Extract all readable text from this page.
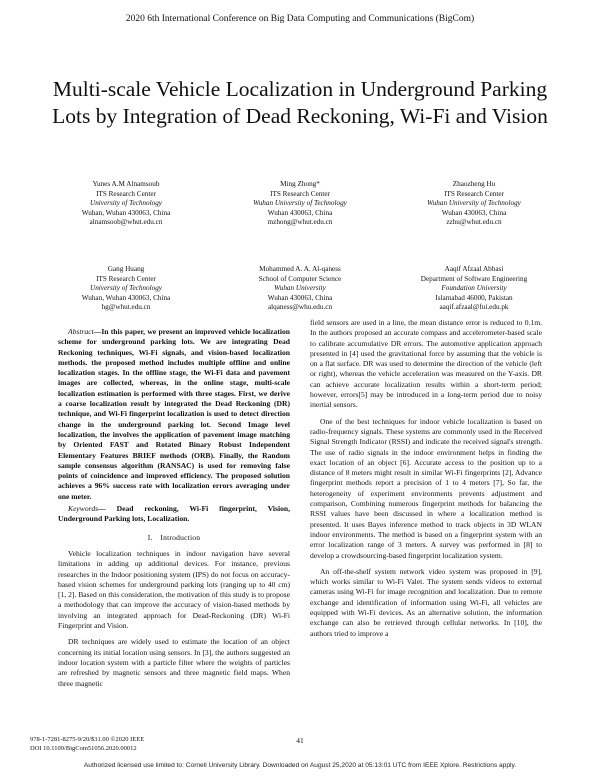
2020 6th International Conference on Big Data Computing and Communications (BigCom)
Multi-scale Vehicle Localization in Underground Parking Lots by Integration of Dead Reckoning, Wi-Fi and Vision
Yunes A.M Alnamsoub
ITS Research Center
University of Technology
Wuhan, Wuhan 430063, China
alnamsoob@whut.edu.cn
Ming Zhong*
ITS Research Center
Wuhan University of Technology
Wuhan 430063, China
mzhong@whut.edu.cn
Zhaozheng Hu
ITS Research Center
Wuhan University of Technology
Wuhan 430063, China
zzhu@whut.edu.cn
Gang Huang
ITS Research Center
University of Technology
Wuhan, Wuhan 430063, China
hg@whut.edu.cn
Mohammed A. A. Al-qaness
School of Computer Science
Wuhan University
Wuhan 430063, China
alqaness@whu.edu.cn
Aaqif Afzaal Abbasi
Department of Software Engineering
Foundation University
Islamabad 46000, Pakistan
aaqif.afzaal@fui.edu.pk

Abstract—In this paper, we present an improved vehicle localization scheme for underground parking lots. We are integrating Dead Reckoning techniques, Wi-Fi signals, and vision-based localization methods. the proposed method includes multiple offline and online localization stages. In the offline stage, the Wi-Fi data and pavement images are collected, whereas, in the online stage, multi-scale localization estimation is performed with three stages. First, we derive a coarse localization result by integrated the Dead Reckoning (DR) technique, and Wi-Fi fingerprint localization is used to detect direction change in the underground parking lot. Second Image level localization, the involves the application of pavement image matching by Oriented FAST and Rotated Binary Robust Independent Elementary Features BRIEF methods (ORB). Finally, the Random sample consensus algorithm (RANSAC) is used for removing false points of coincidence and improved efficiency. The proposed solution achieves a 96% success rate with localization errors averaging under one meter.

Keywords— Dead reckoning, Wi-Fi fingerprint, Vision, Underground Parking lots, Localization.

I. Introduction

Vehicle localization techniques in indoor navigation have several limitations in adding up additional devices. For instance, previous researches in the Indoor positioning system (IPS) do not focus on accuracy-based vision schemes for underground parking lots (ranging up to 40 cm) [1, 2]. Based on this consideration, the motivation of this study is to propose a methodology that can improve the accuracy of vision-based methods by involving an integrated approach for Dead-Reckoning (DR) Wi-Fi Fingerprint and Vision.

DR techniques are widely used to estimate the location of an object concerning its initial location using sensors. In [3], the authors suggested an indoor location system with a particle filter where the weights of particles are refreshed by magnetic sensors and three magnetic field maps. When three magnetic

field sensors are used in a line, the mean distance error is reduced to 0.1m. In the authors proposed an accurate compass and accelerometer-based scale to calibrate accumulative DR errors. The automotive application approach presented in [4] used the gravitational force by assuming that the vehicle is on a flat surface. DR was used to determine the direction of the vehicle (left or right), whereas the vehicle acceleration was measured on the Y-axis. DR can achieve accurate localization results within a short-term period; however, errors[5] may be introduced in a long-term period due to noisy inertial sensors.

One of the best techniques for indoor vehicle localization is based on radio-frequency signals. These systems are commonly used in the Received Signal Strength Indicator (RSSI) and indicate the received signal's strength. The use of radio signals in the indoor environment helps in finding the exact location of an object [6]. Accurate access to the position up to a distance of 8 meters might result in similar Wi-Fi fingerprints [2], Advance fingerprint methods report a precision of 1 to 4 meters [7], So far, the heterogeneity of experiment environments prevents adjustment and comparison, Combining numerous fingerprint methods for balancing the RSSI values have been discussed in where a localization method is presented. It uses Bayes inference method to track objects in 3D WLAN indoor environments. The method is based on a fingerprint system with an error localization range of 3 meters. A survey was performed in [8] to develop a crowdsourcing-based fingerprint localization system.

An off-the-shelf system network video system was proposed in [9], which works similar to Wi-Fi Valet. The system sends videos to external cameras using Wi-Fi for image recognition and localization. Due to remote exchange and identification of information using Wi-Fi, all vehicles are equipped with Wi-Fi devices. As an alternative solution, the information exchange can also be retrieved through cellular networks. In [10], the authors tried to improve a

978-1-7281-8275-9/20/$31.00 ©2020 IEEE
DOI 10.1109/BigCom51056.2020.00012
41
Authorized licensed use limited to: Cornell University Library. Downloaded on August 25,2020 at 05:13:01 UTC from IEEE Xplore. Restrictions apply.
